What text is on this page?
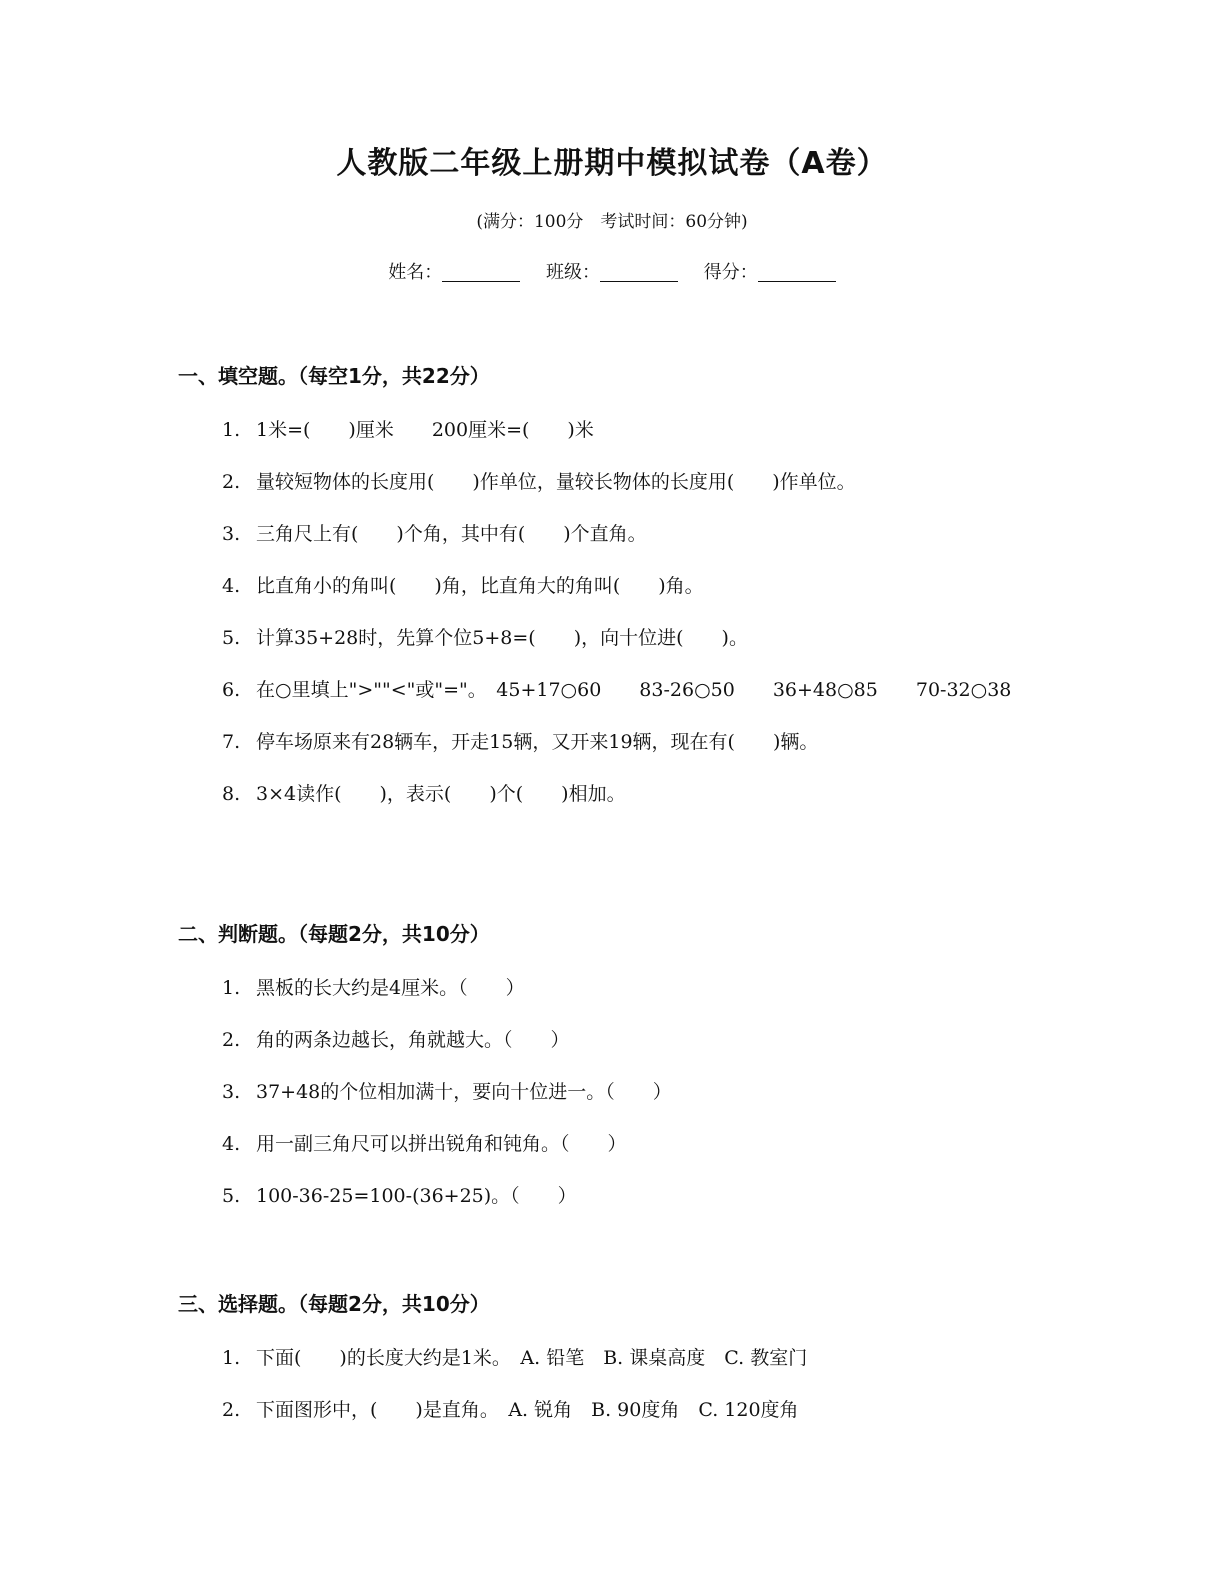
人教版二年级上册期中模拟试卷（A卷）
(满分：100分　考试时间：60分钟)
姓名：	班级：	得分：
一、填空题。（每空1分，共22分）
1. 1米=(　　)厘米　　200厘米=(　　)米
2. 量较短物体的长度用(　　)作单位，量较长物体的长度用(　　)作单位。
3. 三角尺上有(　　)个角，其中有(　　)个直角。
4. 比直角小的角叫(　　)角，比直角大的角叫(　　)角。
5. 计算35+28时，先算个位5+8=(　　)，向十位进(　　)。
6. 在○里填上">""<"或"="。　45+17○60　　83-26○50　　36+48○85　　70-32○38
7. 停车场原来有28辆车，开走15辆，又开来19辆，现在有(　　)辆。
8. 3×4读作(　　)，表示(　　)个(　　)相加。
二、判断题。（每题2分，共10分）
1. 黑板的长大约是4厘米。（　　）
2. 角的两条边越长，角就越大。（　　）
3. 37+48的个位相加满十，要向十位进一。（　　）
4. 用一副三角尺可以拼出锐角和钝角。（　　）
5. 100-36-25=100-(36+25)。（　　）
三、选择题。（每题2分，共10分）
1. 下面(　　)的长度大约是1米。　A. 铅笔　B. 课桌高度　C. 教室门
2. 下面图形中，(　　)是直角。　A. 锐角　B. 90度角　C. 120度角
